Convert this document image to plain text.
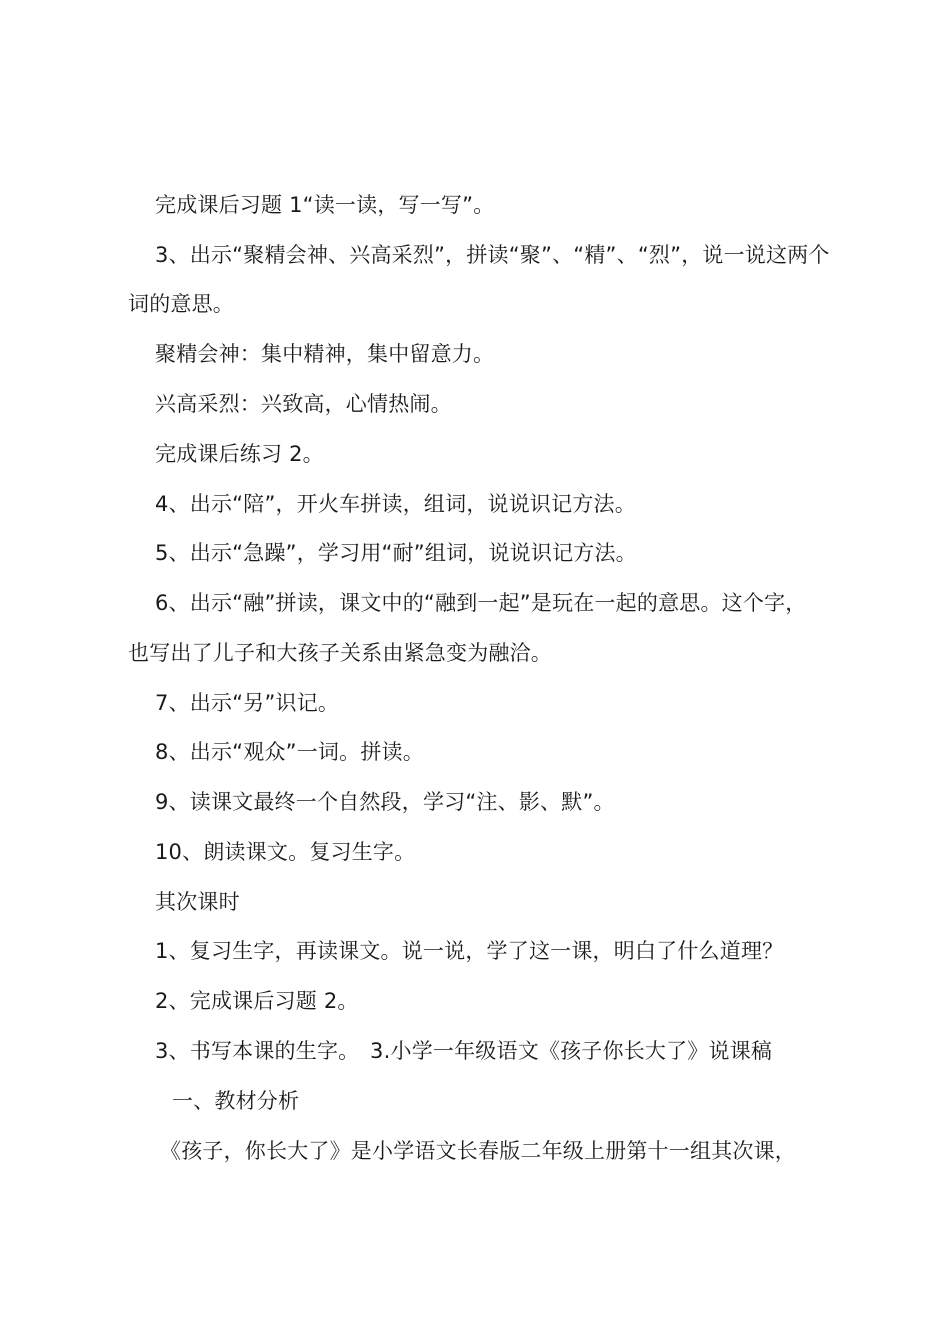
完成课后习题 1“读一读，写一写”。
3、出示“聚精会神、兴高采烈”，拼读“聚”、“精”、“烈”，说一说这两个
词的意思。
聚精会神：集中精神，集中留意力。
兴高采烈：兴致高，心情热闹。
完成课后练习 2。
4、出示“陪”，开火车拼读，组词，说说识记方法。
5、出示“急躁”，学习用“耐”组词，说说识记方法。
6、出示“融”拼读，课文中的“融到一起”是玩在一起的意思。这个字，
也写出了儿子和大孩子关系由紧急变为融洽。
7、出示“另”识记。
8、出示“观众”一词。拼读。
9、读课文最终一个自然段，学习“注、影、默”。
10、朗读课文。复习生字。
其次课时
1、复习生字，再读课文。说一说，学了这一课，明白了什么道理？
2、完成课后习题 2。
3、书写本课的生字。　3.小学一年级语文《孩子你长大了》说课稿
一、教材分析
《孩子，你长大了》是小学语文长春版二年级上册第十一组其次课，
